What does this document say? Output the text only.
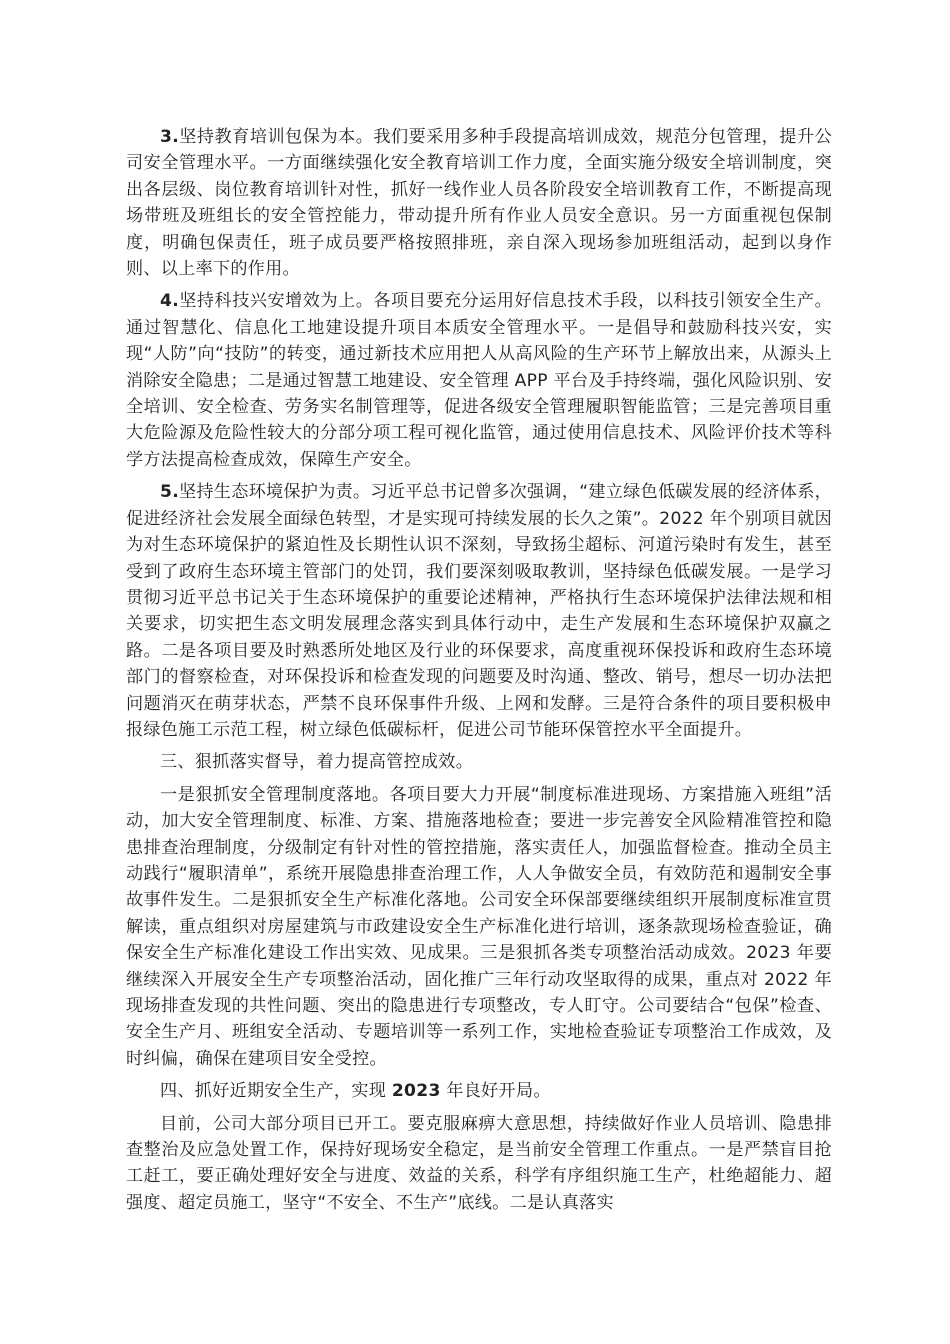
3.坚持教育培训包保为本。我们要采用多种手段提高培训成效，规范分包管理，提升公司安全管理水平。一方面继续强化安全教育培训工作力度，全面实施分级安全培训制度，突出各层级、岗位教育培训针对性，抓好一线作业人员各阶段安全培训教育工作，不断提高现场带班及班组长的安全管控能力，带动提升所有作业人员安全意识。另一方面重视包保制度，明确包保责任，班子成员要严格按照排班，亲自深入现场参加班组活动，起到以身作则、以上率下的作用。

4.坚持科技兴安增效为上。各项目要充分运用好信息技术手段，以科技引领安全生产。通过智慧化、信息化工地建设提升项目本质安全管理水平。一是倡导和鼓励科技兴安，实现“人防”向“技防”的转变，通过新技术应用把人从高风险的生产环节上解放出来，从源头上消除安全隐患；二是通过智慧工地建设、安全管理 APP 平台及手持终端，强化风险识别、安全培训、安全检查、劳务实名制管理等，促进各级安全管理履职智能监管；三是完善项目重大危险源及危险性较大的分部分项工程可视化监管，通过使用信息技术、风险评价技术等科学方法提高检查成效，保障生产安全。

5.坚持生态环境保护为责。习近平总书记曾多次强调，“建立绿色低碳发展的经济体系，促进经济社会发展全面绿色转型，才是实现可持续发展的长久之策”。2022 年个别项目就因为对生态环境保护的紧迫性及长期性认识不深刻，导致扬尘超标、河道污染时有发生，甚至受到了政府生态环境主管部门的处罚，我们要深刻吸取教训，坚持绿色低碳发展。一是学习贯彻习近平总书记关于生态环境保护的重要论述精神，严格执行生态环境保护法律法规和相关要求，切实把生态文明发展理念落实到具体行动中，走生产发展和生态环境保护双赢之路。二是各项目要及时熟悉所处地区及行业的环保要求，高度重视环保投诉和政府生态环境部门的督察检查，对环保投诉和检查发现的问题要及时沟通、整改、销号，想尽一切办法把问题消灭在萌芽状态，严禁不良环保事件升级、上网和发酵。三是符合条件的项目要积极申报绿色施工示范工程，树立绿色低碳标杆，促进公司节能环保管控水平全面提升。

三、狠抓落实督导，着力提高管控成效。

一是狠抓安全管理制度落地。各项目要大力开展“制度标准进现场、方案措施入班组”活动，加大安全管理制度、标准、方案、措施落地检查；要进一步完善安全风险精准管控和隐患排查治理制度，分级制定有针对性的管控措施，落实责任人，加强监督检查。推动全员主动践行“履职清单”，系统开展隐患排查治理工作，人人争做安全员，有效防范和遏制安全事故事件发生。二是狠抓安全生产标准化落地。公司安全环保部要继续组织开展制度标准宣贯解读，重点组织对房屋建筑与市政建设安全生产标准化进行培训，逐条款现场检查验证，确保安全生产标准化建设工作出实效、见成果。三是狠抓各类专项整治活动成效。2023 年要继续深入开展安全生产专项整治活动，固化推广三年行动攻坚取得的成果，重点对 2022 年现场排查发现的共性问题、突出的隐患进行专项整改，专人盯守。公司要结合“包保”检查、安全生产月、班组安全活动、专题培训等一系列工作，实地检查验证专项整治工作成效，及时纠偏，确保在建项目安全受控。

四、抓好近期安全生产，实现 2023 年良好开局。

目前，公司大部分项目已开工。要克服麻痹大意思想，持续做好作业人员培训、隐患排查整治及应急处置工作，保持好现场安全稳定，是当前安全管理工作重点。一是严禁盲目抢工赶工，要正确处理好安全与进度、效益的关系，科学有序组织施工生产，杜绝超能力、超强度、超定员施工，坚守“不安全、不生产”底线。二是认真落实
